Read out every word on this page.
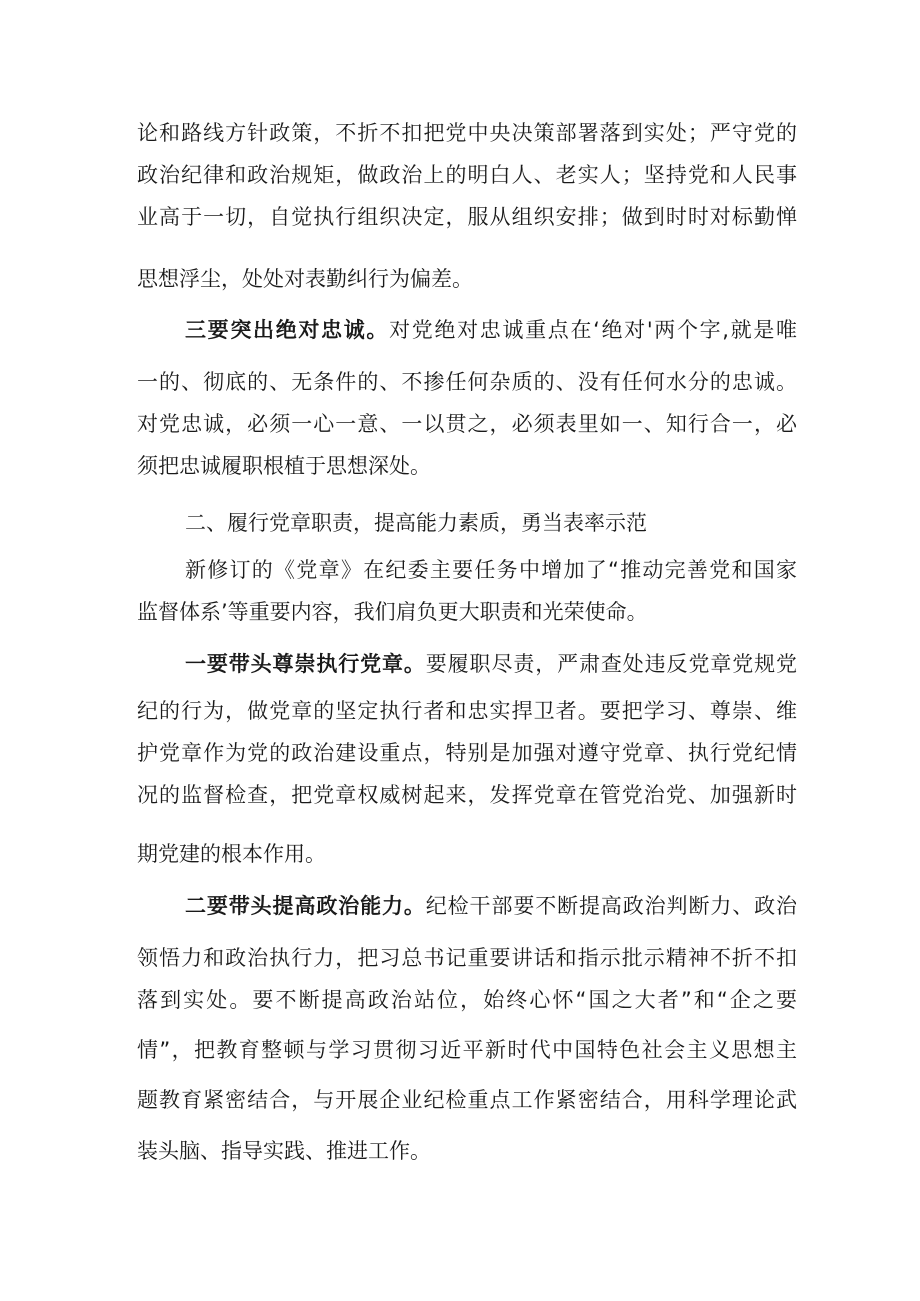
论和路线方针政策，不折不扣把党中央决策部署落到实处；严守党的
政治纪律和政治规矩，做政治上的明白人、老实人；坚持党和人民事
业高于一切，自觉执行组织决定，服从组织安排；做到时时对标勤惮
思想浮尘，处处对表勤纠行为偏差。
三要突出绝对忠诚。对党绝对忠诚重点在‘绝对'两个字,就是唯
一的、彻底的、无条件的、不掺任何杂质的、没有任何水分的忠诚。
对党忠诚，必须一心一意、一以贯之，必须表里如一、知行合一，必
须把忠诚履职根植于思想深处。
二、履行党章职责，提高能力素质，勇当表率示范
新修订的《党章》在纪委主要任务中增加了“推动完善党和国家
监督体系’等重要内容，我们肩负更大职责和光荣使命。
一要带头尊崇执行党章。要履职尽责，严肃查处违反党章党规党
纪的行为，做党章的坚定执行者和忠实捍卫者。要把学习、尊崇、维
护党章作为党的政治建设重点，特别是加强对遵守党章、执行党纪情
况的监督检查，把党章权威树起来，发挥党章在管党治党、加强新时
期党建的根本作用。
二要带头提高政治能力。纪检干部要不断提高政治判断力、政治
领悟力和政治执行力，把习总书记重要讲话和指示批示精神不折不扣
落到实处。要不断提高政治站位，始终心怀“国之大者”和“企之要
情”，把教育整顿与学习贯彻习近平新时代中国特色社会主义思想主
题教育紧密结合，与开展企业纪检重点工作紧密结合，用科学理论武
装头脑、指导实践、推进工作。
